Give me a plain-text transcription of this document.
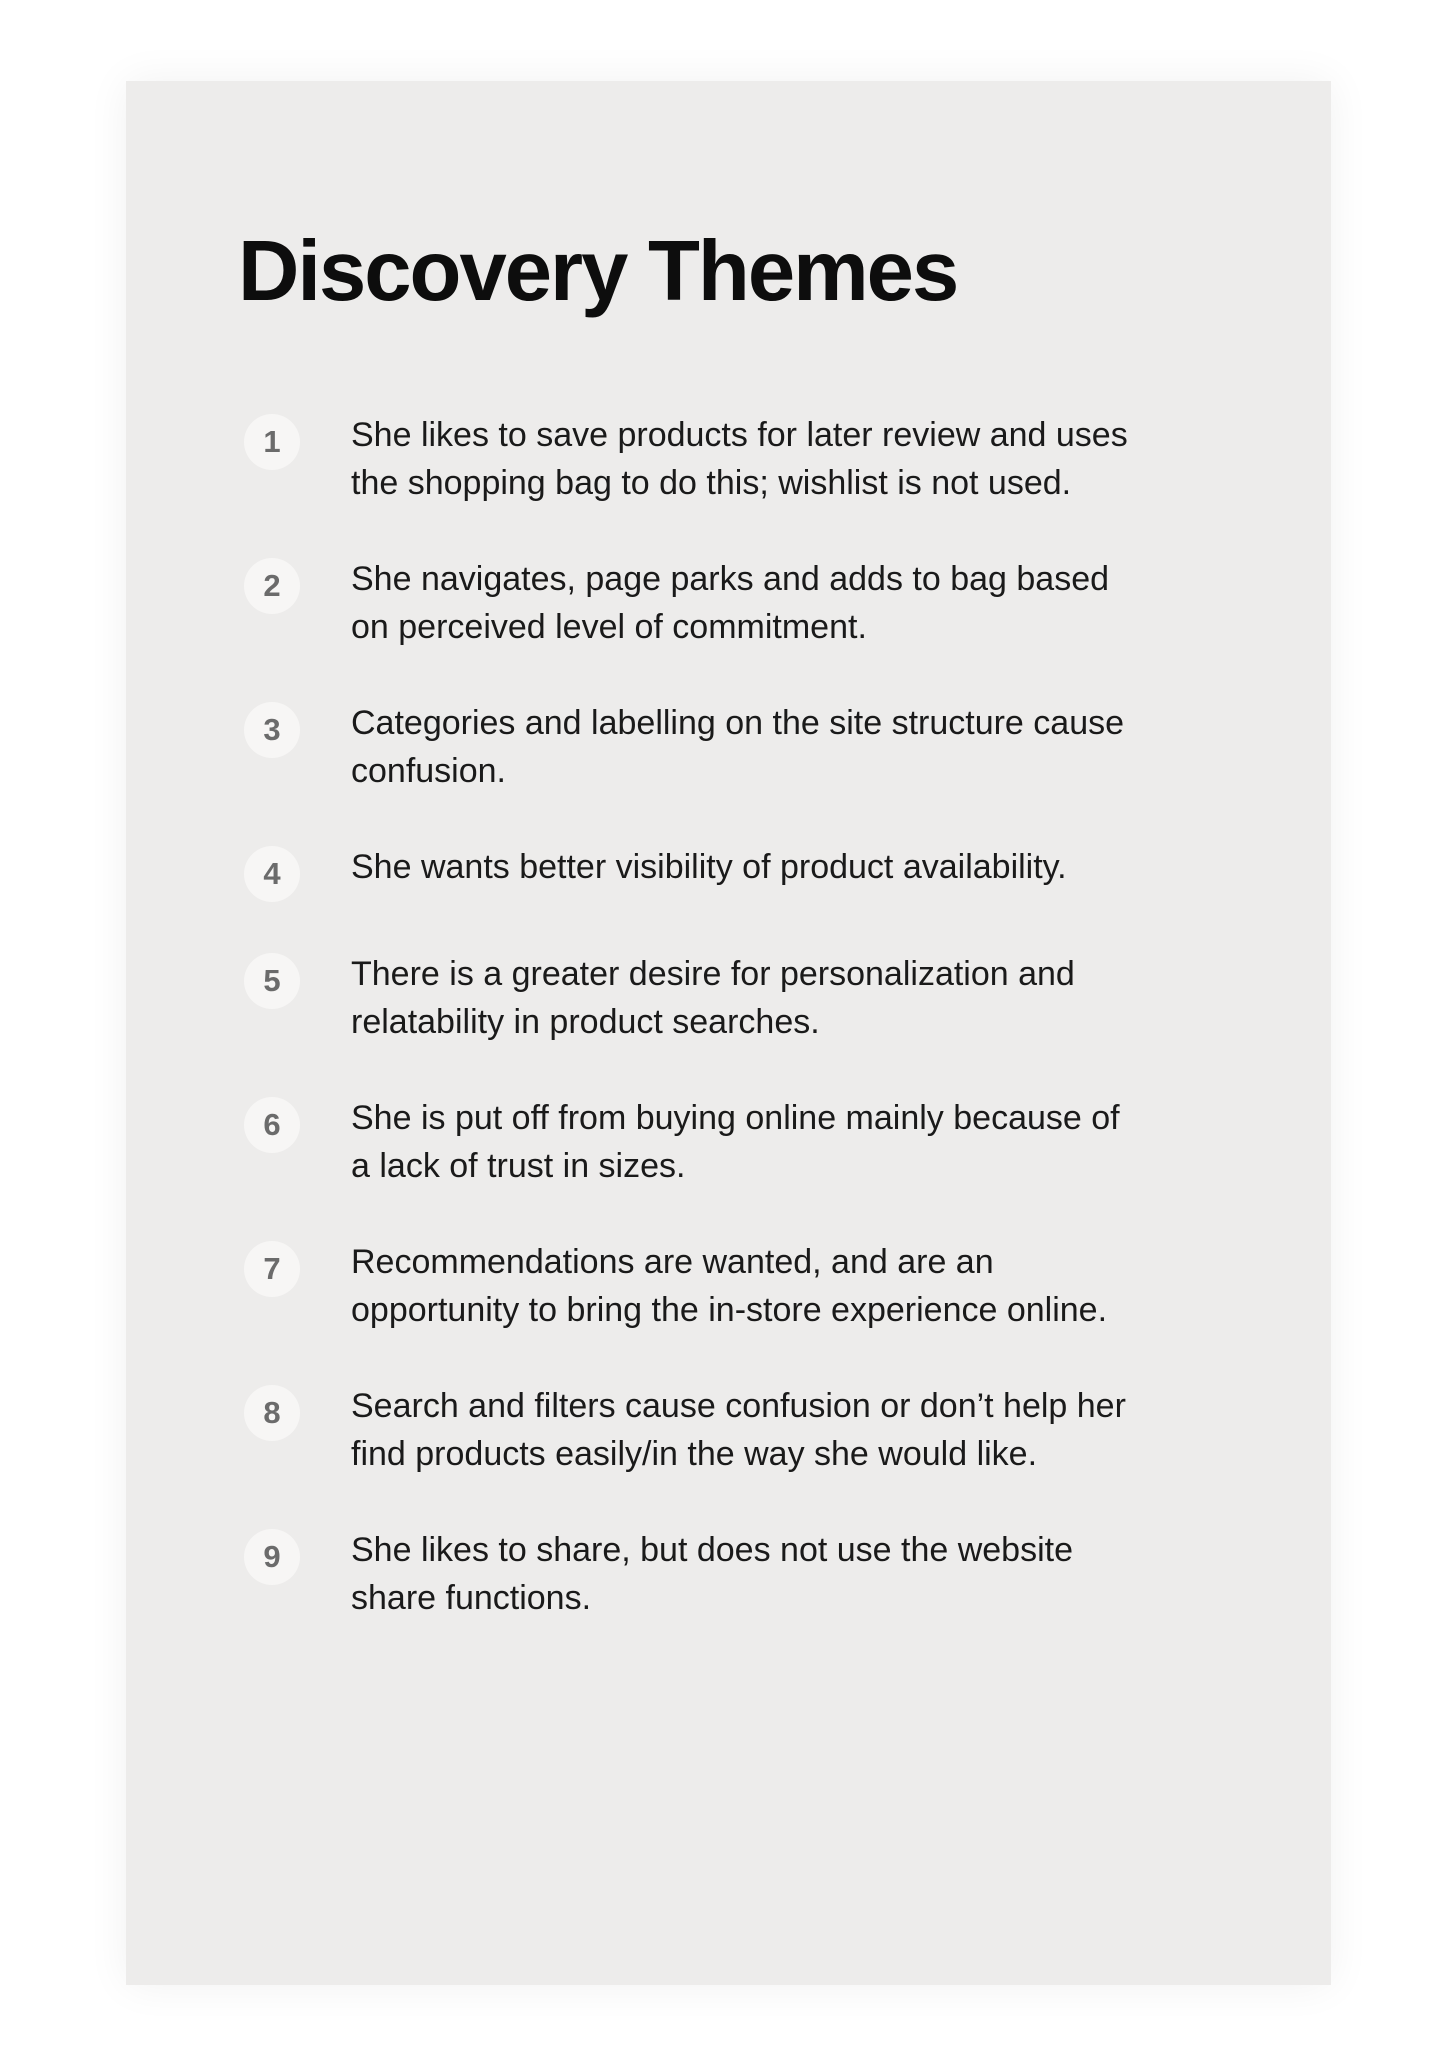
Discovery Themes
1	She likes to save products for later review and uses the shopping bag to do this; wishlist is not used.
2	She navigates, page parks and adds to bag based on perceived level of commitment.
3	Categories and labelling on the site structure cause confusion.
4	She wants better visibility of product availability.
5	There is a greater desire for personalization and relatability in product searches.
6	She is put off from buying online mainly because of a lack of trust in sizes.
7	Recommendations are wanted, and are an opportunity to bring the in-store experience online.
8	Search and filters cause confusion or don’t help her find products easily/in the way she would like.
9	She likes to share, but does not use the website share functions.
